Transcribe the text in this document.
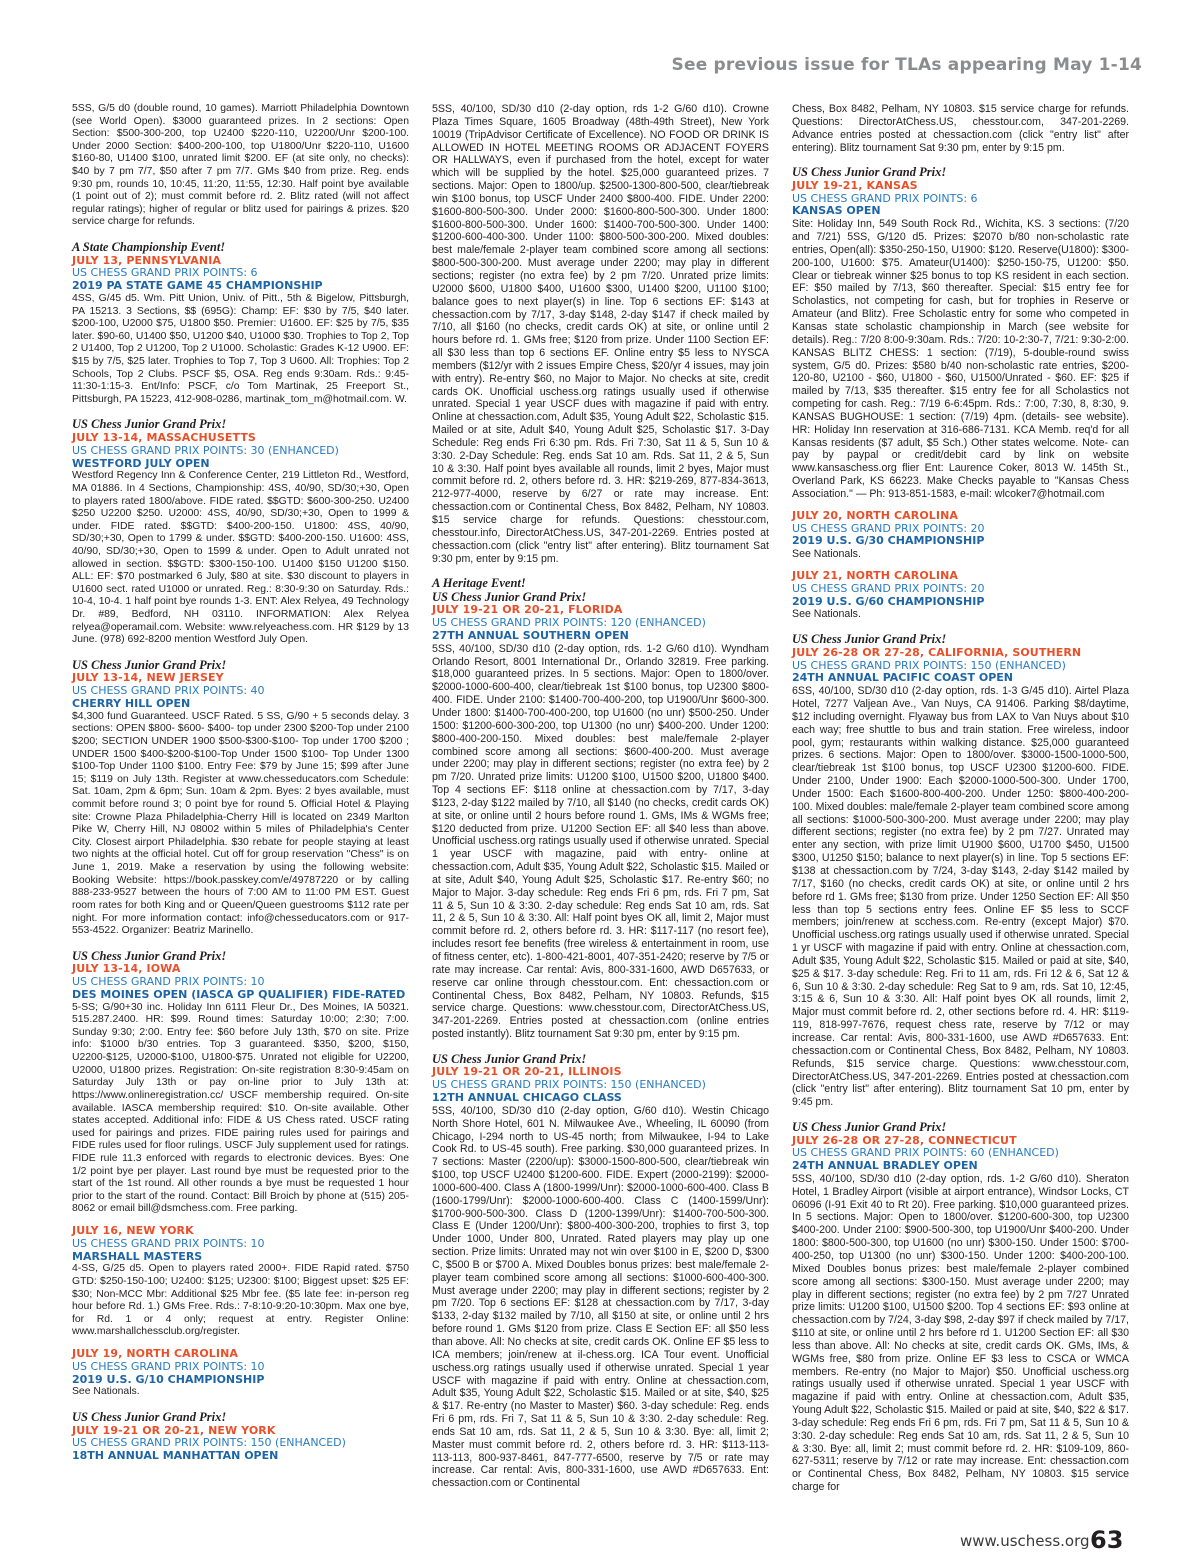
See previous issue for TLAs appearing May 1-14

5SS, G/5 d0 (double round, 10 games). Marriott Philadelphia Downtown (see World Open). $3000 guaranteed prizes. In 2 sections: Open Section: $500-300-200, top U2400 $220-110, U2200/Unr $200-100. Under 2000 Section: $400-200-100, top U1800/Unr $220-110, U1600 $160-80, U1400 $100, unrated limit $200. EF (at site only, no checks): $40 by 7 pm 7/7, $50 after 7 pm 7/7. GMs $40 from prize. Reg. ends 9:30 pm, rounds 10, 10:45, 11:20, 11:55, 12:30. Half point bye available (1 point out of 2); must commit before rd. 2. Blitz rated (will not affect regular ratings); higher of regular or blitz used for pairings & prizes. $20 service charge for refunds.

A State Championship Event!
JULY 13, PENNSYLVANIA
US CHESS GRAND PRIX POINTS: 6
2019 PA STATE GAME 45 CHAMPIONSHIP

4SS, G/45 d5. Wm. Pitt Union, Univ. of Pitt., 5th & Bigelow, Pittsburgh, PA 15213. 3 Sections, $$ (695G): Champ: EF: $30 by 7/5, $40 later. $200-100, U2000 $75, U1800 $50. Premier: U1600. EF: $25 by 7/5, $35 later. $90-60, U1400 $50, U1200 $40, U1000 $30. Trophies to Top 2, Top 2 U1400, Top 2 U1200, Top 2 U1000. Scholastic: Grades K-12 U900. EF: $15 by 7/5, $25 later. Trophies to Top 7, Top 3 U600. All: Trophies: Top 2 Schools, Top 2 Clubs. PSCF $5, OSA. Reg ends 9:30am. Rds.: 9:45-11:30-1:15-3. Ent/Info: PSCF, c/o Tom Martinak, 25 Freeport St., Pittsburgh, PA 15223, 412-908-0286, martinak_tom_m@hotmail.com. W.

US Chess Junior Grand Prix!
JULY 13-14, MASSACHUSETTS
US CHESS GRAND PRIX POINTS: 30 (ENHANCED)
WESTFORD JULY OPEN

Westford Regency Inn & Conference Center, 219 Littleton Rd., Westford, MA 01886. In 4 Sections, Championship: 4SS, 40/90, SD/30;+30, Open to players rated 1800/above. FIDE rated. $$GTD: $600-300-250. U2400 $250 U2200 $250. U2000: 4SS, 40/90, SD/30;+30, Open to 1999 & under. FIDE rated. $$GTD: $400-200-150. U1800: 4SS, 40/90, SD/30;+30, Open to 1799 & under. $$GTD: $400-200-150. U1600: 4SS, 40/90, SD/30;+30, Open to 1599 & under. Open to Adult unrated not allowed in section. $$GTD: $300-150-100. U1400 $150 U1200 $150. ALL: EF: $70 postmarked 6 July, $80 at site. $30 discount to players in U1600 sect. rated U1000 or unrated. Reg.: 8:30-9:30 on Saturday. Rds.: 10-4, 10-4. 1 half point bye rounds 1-3. ENT: Alex Relyea, 49 Technology Dr. #89, Bedford, NH 03110. INFORMATION: Alex Relyea relyea@operamail.com. Website: www.relyeachess.com. HR $129 by 13 June. (978) 692-8200 mention Westford July Open.

US Chess Junior Grand Prix!
JULY 13-14, NEW JERSEY
US CHESS GRAND PRIX POINTS: 40
CHERRY HILL OPEN

$4,300 fund Guaranteed. USCF Rated. 5 SS, G/90 + 5 seconds delay. 3 sections: OPEN $800- $600- $400- top under 2300 $200-Top under 2100 $200; SECTION UNDER 1900 $500-$300-$100- Top under 1700 $200 ; UNDER 1500 $400-$200-$100-Top Under 1500 $100- Top Under 1300 $100-Top Under 1100 $100. Entry Fee: $79 by June 15; $99 after June 15; $119 on July 13th. Register at www.chesseducators.com Schedule: Sat. 10am, 2pm & 6pm; Sun. 10am & 2pm. Byes: 2 byes available, must commit before round 3; 0 point bye for round 5. Official Hotel & Playing site: Crowne Plaza Philadelphia-Cherry Hill is located on 2349 Marlton Pike W, Cherry Hill, NJ 08002 within 5 miles of Philadelphia's Center City. Closest airport Philadelphia. $30 rebate for people staying at least two nights at the official hotel. Cut off for group reservation "Chess" is on June 1, 2019. Make a reservation by using the following website: Booking Website: https://book.passkey.com/e/49787220 or by calling 888-233-9527 between the hours of 7:00 AM to 11:00 PM EST. Guest room rates for both King and or Queen/Queen guestrooms $112 rate per night. For more information contact: info@chesseducators.com or 917-553-4522. Organizer: Beatriz Marinello.

US Chess Junior Grand Prix!
JULY 13-14, IOWA
US CHESS GRAND PRIX POINTS: 10
DES MOINES OPEN (IASCA GP QUALIFIER) FIDE-RATED

5-SS; G/90+30 inc. Holiday Inn 6111 Fleur Dr., Des Moines, IA 50321. 515.287.2400. HR: $99. Round times: Saturday 10:00; 2:30; 7:00. Sunday 9:30; 2:00. Entry fee: $60 before July 13th, $70 on site. Prize info: $1000 b/30 entries. Top 3 guaranteed. $350, $200, $150, U2200-$125, U2000-$100, U1800-$75. Unrated not eligible for U2200, U2000, U1800 prizes. Registration: On-site registration 8:30-9:45am on Saturday July 13th or pay on-line prior to July 13th at: https://www.onlineregistration.cc/ USCF membership required. On-site available. IASCA membership required: $10. On-site available. Other states accepted. Additional info: FIDE & US Chess rated. USCF rating used for pairings and prizes. FIDE pairing rules used for pairings and FIDE rules used for floor rulings. USCF July supplement used for ratings. FIDE rule 11.3 enforced with regards to electronic devices. Byes: One 1/2 point bye per player. Last round bye must be requested prior to the start of the 1st round. All other rounds a bye must be requested 1 hour prior to the start of the round. Contact: Bill Broich by phone at (515) 205-8062 or email bill@dsmchess.com. Free parking.

JULY 16, NEW YORK
US CHESS GRAND PRIX POINTS: 10
MARSHALL MASTERS

4-SS, G/25 d5. Open to players rated 2000+. FIDE Rapid rated. $750 GTD: $250-150-100; U2400: $125; U2300: $100; Biggest upset: $25 EF: $30; Non-MCC Mbr: Additional $25 Mbr fee. ($5 late fee: in-person reg hour before Rd. 1.) GMs Free. Rds.: 7-8:10-9:20-10:30pm. Max one bye, for Rd. 1 or 4 only; request at entry. Register Online: www.marshallchessclub.org/register.

JULY 19, NORTH CAROLINA
US CHESS GRAND PRIX POINTS: 10
2019 U.S. G/10 CHAMPIONSHIP

See Nationals.

US Chess Junior Grand Prix!
JULY 19-21 OR 20-21, NEW YORK
US CHESS GRAND PRIX POINTS: 150 (ENHANCED)
18TH ANNUAL MANHATTAN OPEN

5SS, 40/100, SD/30 d10 (2-day option, rds 1-2 G/60 d10). Crowne Plaza Times Square, 1605 Broadway (48th-49th Street), New York 10019 (TripAdvisor Certificate of Excellence). NO FOOD OR DRINK IS ALLOWED IN HOTEL MEETING ROOMS OR ADJACENT FOYERS OR HALLWAYS, even if purchased from the hotel, except for water which will be supplied by the hotel. $25,000 guaranteed prizes. 7 sections. Major: Open to 1800/up. $2500-1300-800-500, clear/tiebreak win $100 bonus, top USCF Under 2400 $800-400. FIDE. Under 2200: $1600-800-500-300. Under 2000: $1600-800-500-300. Under 1800: $1600-800-500-300. Under 1600: $1400-700-500-300. Under 1400: $1200-600-400-300. Under 1100: $800-500-300-200. Mixed doubles: best male/female 2-player team combined score among all sections: $800-500-300-200. Must average under 2200; may play in different sections; register (no extra fee) by 2 pm 7/20. Unrated prize limits: U2000 $600, U1800 $400, U1600 $300, U1400 $200, U1100 $100; balance goes to next player(s) in line. Top 6 sections EF: $143 at chessaction.com by 7/17, 3-day $148, 2-day $147 if check mailed by 7/10, all $160 (no checks, credit cards OK) at site, or online until 2 hours before rd. 1. GMs free; $120 from prize. Under 1100 Section EF: all $30 less than top 6 sections EF. Online entry $5 less to NYSCA members ($12/yr with 2 issues Empire Chess, $20/yr 4 issues, may join with entry). Re-entry $60, no Major to Major. No checks at site, credit cards OK. Unofficial uschess.org ratings usually used if otherwise unrated. Special 1 year USCF dues with magazine if paid with entry. Online at chessaction.com, Adult $35, Young Adult $22, Scholastic $15. Mailed or at site, Adult $40, Young Adult $25, Scholastic $17. 3-Day Schedule: Reg ends Fri 6:30 pm. Rds. Fri 7:30, Sat 11 & 5, Sun 10 & 3:30. 2-Day Schedule: Reg. ends Sat 10 am. Rds. Sat 11, 2 & 5, Sun 10 & 3:30. Half point byes available all rounds, limit 2 byes, Major must commit before rd. 2, others before rd. 3. HR: $219-269, 877-834-3613, 212-977-4000, reserve by 6/27 or rate may increase. Ent: chessaction.com or Continental Chess, Box 8482, Pelham, NY 10803. $15 service charge for refunds. Questions: chesstour.com, chesstour.info, DirectorAtChess.US, 347-201-2269. Entries posted at chessaction.com (click "entry list" after entering). Blitz tournament Sat 9:30 pm, enter by 9:15 pm.

A Heritage Event!
US Chess Junior Grand Prix!
JULY 19-21 OR 20-21, FLORIDA
US CHESS GRAND PRIX POINTS: 120 (ENHANCED)
27TH ANNUAL SOUTHERN OPEN

5SS, 40/100, SD/30 d10 (2-day option, rds. 1-2 G/60 d10). Wyndham Orlando Resort, 8001 International Dr., Orlando 32819. Free parking. $18,000 guaranteed prizes. In 5 sections. Major: Open to 1800/over. $2000-1000-600-400, clear/tiebreak 1st $100 bonus, top U2300 $800-400. FIDE. Under 2100: $1400-700-400-200, top U1900/Unr $600-300. Under 1800: $1400-700-400-200, top U1600 (no unr) $500-250. Under 1500: $1200-600-300-200, top U1300 (no unr) $400-200. Under 1200: $800-400-200-150. Mixed doubles: best male/female 2-player combined score among all sections: $600-400-200. Must average under 2200; may play in different sections; register (no extra fee) by 2 pm 7/20. Unrated prize limits: U1200 $100, U1500 $200, U1800 $400. Top 4 sections EF: $118 online at chessaction.com by 7/17, 3-day $123, 2-day $122 mailed by 7/10, all $140 (no checks, credit cards OK) at site, or online until 2 hours before round 1. GMs, IMs & WGMs free; $120 deducted from prize. U1200 Section EF: all $40 less than above. Unofficial uschess.org ratings usually used if otherwise unrated. Special 1 year USCF with magazine, paid with entry- online at chessaction.com, Adult $35, Young Adult $22, Scholastic $15. Mailed or at site, Adult $40, Young Adult $25, Scholastic $17. Re-entry $60; no Major to Major. 3-day schedule: Reg ends Fri 6 pm, rds. Fri 7 pm, Sat 11 & 5, Sun 10 & 3:30. 2-day schedule: Reg ends Sat 10 am, rds. Sat 11, 2 & 5, Sun 10 & 3:30. All: Half point byes OK all, limit 2, Major must commit before rd. 2, others before rd. 3. HR: $117-117 (no resort fee), includes resort fee benefits (free wireless & entertainment in room, use of fitness center, etc). 1-800-421-8001, 407-351-2420; reserve by 7/5 or rate may increase. Car rental: Avis, 800-331-1600, AWD D657633, or reserve car online through chesstour.com. Ent: chessaction.com or Continental Chess, Box 8482, Pelham, NY 10803. Refunds, $15 service charge. Questions: www.chesstour.com, DirectorAtChess.US, 347-201-2269. Entries posted at chessaction.com (online entries posted instantly). Blitz tournament Sat 9:30 pm, enter by 9:15 pm.

US Chess Junior Grand Prix!
JULY 19-21 OR 20-21, ILLINOIS
US CHESS GRAND PRIX POINTS: 150 (ENHANCED)
12TH ANNUAL CHICAGO CLASS

5SS, 40/100, SD/30 d10 (2-day option, G/60 d10). Westin Chicago North Shore Hotel, 601 N. Milwaukee Ave., Wheeling, IL 60090 (from Chicago, I-294 north to US-45 north; from Milwaukee, I-94 to Lake Cook Rd. to US-45 south). Free parking. $30,000 guaranteed prizes. In 7 sections: Master (2200/up): $3000-1500-800-500, clear/tiebreak win $100, top USCF U2400 $1200-600. FIDE. Expert (2000-2199): $2000-1000-600-400. Class A (1800-1999/Unr): $2000-1000-600-400. Class B (1600-1799/Unr): $2000-1000-600-400. Class C (1400-1599/Unr): $1700-900-500-300. Class D (1200-1399/Unr): $1400-700-500-300. Class E (Under 1200/Unr): $800-400-300-200, trophies to first 3, top Under 1000, Under 800, Unrated. Rated players may play up one section. Prize limits: Unrated may not win over $100 in E, $200 D, $300 C, $500 B or $700 A. Mixed Doubles bonus prizes: best male/female 2-player team combined score among all sections: $1000-600-400-300. Must average under 2200; may play in different sections; register by 2 pm 7/20. Top 6 sections EF: $128 at chessaction.com by 7/17, 3-day $133, 2-day $132 mailed by 7/10, all $150 at site, or online until 2 hrs before round 1. GMs $120 from prize. Class E Section EF: all $50 less than above. All: No checks at site, credit cards OK. Online EF $5 less to ICA members; join/renew at il-chess.org. ICA Tour event. Unofficial uschess.org ratings usually used if otherwise unrated. Special 1 year USCF with magazine if paid with entry. Online at chessaction.com, Adult $35, Young Adult $22, Scholastic $15. Mailed or at site, $40, $25 & $17. Re-entry (no Master to Master) $60. 3-day schedule: Reg. ends Fri 6 pm, rds. Fri 7, Sat 11 & 5, Sun 10 & 3:30. 2-day schedule: Reg. ends Sat 10 am, rds. Sat 11, 2 & 5, Sun 10 & 3:30. Bye: all, limit 2; Master must commit before rd. 2, others before rd. 3. HR: $113-113-113-113, 800-937-8461, 847-777-6500, reserve by 7/5 or rate may increase. Car rental: Avis, 800-331-1600, use AWD #D657633. Ent: chessaction.com or Continental

Chess, Box 8482, Pelham, NY 10803. $15 service charge for refunds. Questions: DirectorAtChess.US, chesstour.com, 347-201-2269. Advance entries posted at chessaction.com (click "entry list" after entering). Blitz tournament Sat 9:30 pm, enter by 9:15 pm.

US Chess Junior Grand Prix!
JULY 19-21, KANSAS
US CHESS GRAND PRIX POINTS: 6
KANSAS OPEN

Site: Holiday Inn, 549 South Rock Rd., Wichita, KS. 3 sections: (7/20 and 7/21) 5SS, G/120 d5. Prizes: $2070 b/80 non-scholastic rate entries, Open(all): $350-250-150, U1900: $120. Reserve(U1800): $300-200-100, U1600: $75. Amateur(U1400): $250-150-75, U1200: $50. Clear or tiebreak winner $25 bonus to top KS resident in each section. EF: $50 mailed by 7/13, $60 thereafter. Special: $15 entry fee for Scholastics, not competing for cash, but for trophies in Reserve or Amateur (and Blitz). Free Scholastic entry for some who competed in Kansas state scholastic championship in March (see website for details). Reg.: 7/20 8:00-9:30am. Rds.: 7/20: 10-2:30-7, 7/21: 9:30-2:00. KANSAS BLITZ CHESS: 1 section: (7/19), 5-double-round swiss system, G/5 d0. Prizes: $580 b/40 non-scholastic rate entries, $200-120-80, U2100 - $60, U1800 - $60, U1500/Unrated - $60. EF: $25 if mailed by 7/13, $35 thereafter. $15 entry fee for all Scholastics not competing for cash. Reg.: 7/19 6-6:45pm. Rds.: 7:00, 7:30, 8, 8:30, 9. KANSAS BUGHOUSE: 1 section: (7/19) 4pm. (details- see website). HR: Holiday Inn reservation at 316-686-7131. KCA Memb. req'd for all Kansas residents ($7 adult, $5 Sch.) Other states welcome. Note- can pay by paypal or credit/debit card by link on website www.kansaschess.org flier Ent: Laurence Coker, 8013 W. 145th St., Overland Park, KS 66223. Make Checks payable to "Kansas Chess Association." — Ph: 913-851-1583, e-mail: wlcoker7@hotmail.com

JULY 20, NORTH CAROLINA
US CHESS GRAND PRIX POINTS: 20
2019 U.S. G/30 CHAMPIONSHIP

See Nationals.

JULY 21, NORTH CAROLINA
US CHESS GRAND PRIX POINTS: 20
2019 U.S. G/60 CHAMPIONSHIP

See Nationals.

US Chess Junior Grand Prix!
JULY 26-28 OR 27-28, CALIFORNIA, SOUTHERN
US CHESS GRAND PRIX POINTS: 150 (ENHANCED)
24TH ANNUAL PACIFIC COAST OPEN

6SS, 40/100, SD/30 d10 (2-day option, rds. 1-3 G/45 d10). Airtel Plaza Hotel, 7277 Valjean Ave., Van Nuys, CA 91406. Parking $8/daytime, $12 including overnight. Flyaway bus from LAX to Van Nuys about $10 each way; free shuttle to bus and train station. Free wireless, indoor pool, gym; restaurants within walking distance. $25,000 guaranteed prizes. 6 sections. Major: Open to 1800/over. $3000-1500-1000-500, clear/tiebreak 1st $100 bonus, top USCF U2300 $1200-600. FIDE. Under 2100, Under 1900: Each $2000-1000-500-300. Under 1700, Under 1500: Each $1600-800-400-200. Under 1250: $800-400-200-100. Mixed doubles: male/female 2-player team combined score among all sections: $1000-500-300-200. Must average under 2200; may play different sections; register (no extra fee) by 2 pm 7/27. Unrated may enter any section, with prize limit U1900 $600, U1700 $450, U1500 $300, U1250 $150; balance to next player(s) in line. Top 5 sections EF: $138 at chessaction.com by 7/24, 3-day $143, 2-day $142 mailed by 7/17, $160 (no checks, credit cards OK) at site, or online until 2 hrs before rd 1. GMs free; $130 from prize. Under 1250 Section EF: All $50 less than top 5 sections entry fees. Online EF $5 less to SCCF members; join/renew at scchess.com. Re-entry (except Major) $70. Unofficial uschess.org ratings usually used if otherwise unrated. Special 1 yr USCF with magazine if paid with entry. Online at chessaction.com, Adult $35, Young Adult $22, Scholastic $15. Mailed or paid at site, $40, $25 & $17. 3-day schedule: Reg. Fri to 11 am, rds. Fri 12 & 6, Sat 12 & 6, Sun 10 & 3:30. 2-day schedule: Reg Sat to 9 am, rds. Sat 10, 12:45, 3:15 & 6, Sun 10 & 3:30. All: Half point byes OK all rounds, limit 2, Major must commit before rd. 2, other sections before rd. 4. HR: $119-119, 818-997-7676, request chess rate, reserve by 7/12 or may increase. Car rental: Avis, 800-331-1600, use AWD #D657633. Ent: chessaction.com or Continental Chess, Box 8482, Pelham, NY 10803. Refunds, $15 service charge. Questions: www.chesstour.com, DirectorAtChess.US, 347-201-2269. Entries posted at chessaction.com (click "entry list" after entering). Blitz tournament Sat 10 pm, enter by 9:45 pm.

US Chess Junior Grand Prix!
JULY 26-28 OR 27-28, CONNECTICUT
US CHESS GRAND PRIX POINTS: 60 (ENHANCED)
24TH ANNUAL BRADLEY OPEN

5SS, 40/100, SD/30 d10 (2-day option, rds. 1-2 G/60 d10). Sheraton Hotel, 1 Bradley Airport (visible at airport entrance), Windsor Locks, CT 06096 (I-91 Exit 40 to Rt 20). Free parking. $10,000 guaranteed prizes. In 5 sections. Major: Open to 1800/over. $1200-600-300, top U2300 $400-200. Under 2100: $900-500-300, top U1900/Unr $400-200. Under 1800: $800-500-300, top U1600 (no unr) $300-150. Under 1500: $700-400-250, top U1300 (no unr) $300-150. Under 1200: $400-200-100. Mixed Doubles bonus prizes: best male/female 2-player combined score among all sections: $300-150. Must average under 2200; may play in different sections; register (no extra fee) by 2 pm 7/27 Unrated prize limits: U1200 $100, U1500 $200. Top 4 sections EF: $93 online at chessaction.com by 7/24, 3-day $98, 2-day $97 if check mailed by 7/17, $110 at site, or online until 2 hrs before rd 1. U1200 Section EF: all $30 less than above. All: No checks at site, credit cards OK. GMs, IMs, & WGMs free, $80 from prize. Online EF $3 less to CSCA or WMCA members. Re-entry (no Major to Major) $50. Unofficial uschess.org ratings usually used if otherwise unrated. Special 1 year USCF with magazine if paid with entry. Online at chessaction.com, Adult $35, Young Adult $22, Scholastic $15. Mailed or paid at site, $40, $22 & $17. 3-day schedule: Reg ends Fri 6 pm, rds. Fri 7 pm, Sat 11 & 5, Sun 10 & 3:30. 2-day schedule: Reg ends Sat 10 am, rds. Sat 11, 2 & 5, Sun 10 & 3:30. Bye: all, limit 2; must commit before rd. 2. HR: $109-109, 860-627-5311; reserve by 7/12 or rate may increase. Ent: chessaction.com or Continental Chess, Box 8482, Pelham, NY 10803. $15 service charge for

www.uschess.org 63
